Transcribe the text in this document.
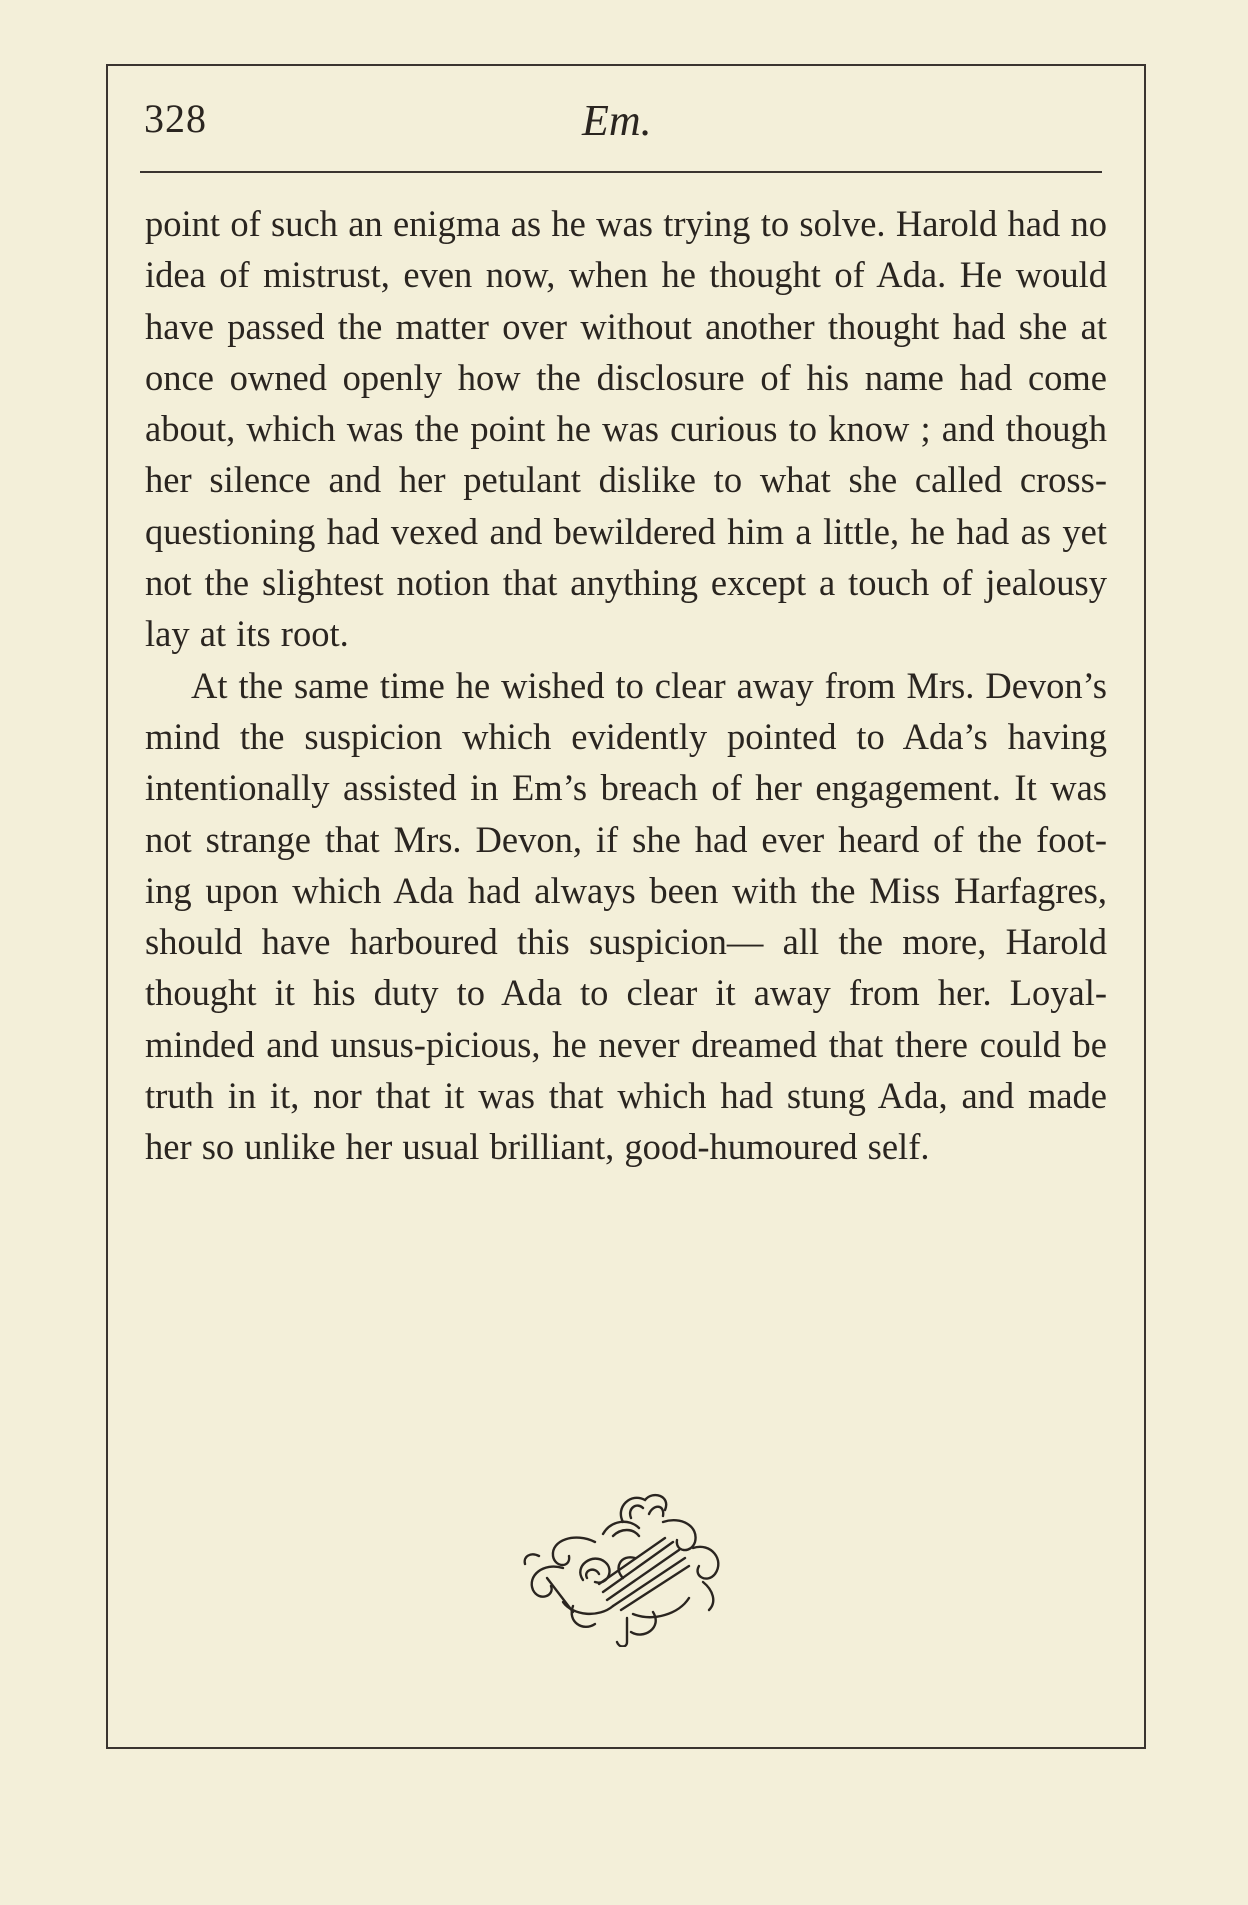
328	Em.

point of such an enigma as he was trying to solve. Harold had no idea of mistrust, even now, when he thought of Ada. He would have passed the matter over without another thought had she at once owned openly how the disclosure of his name had come about, which was the point he was curious to know ; and though her silence and her petulant dislike to what she called cross-questioning had vexed and bewildered him a little, he had as yet not the slightest notion that anything except a touch of jealousy lay at its root.

At the same time he wished to clear away from Mrs. Devon’s mind the suspicion which evidently pointed to Ada’s having intentionally assisted in Em’s breach of her engagement. It was not strange that Mrs. Devon, if she had ever heard of the foot-ing upon which Ada had always been with the Miss Harfagres, should have harboured this suspicion— all the more, Harold thought it his duty to Ada to clear it away from her. Loyal-minded and unsus-picious, he never dreamed that there could be truth in it, nor that it was that which had stung Ada, and made her so unlike her usual brilliant, good-humoured self.
